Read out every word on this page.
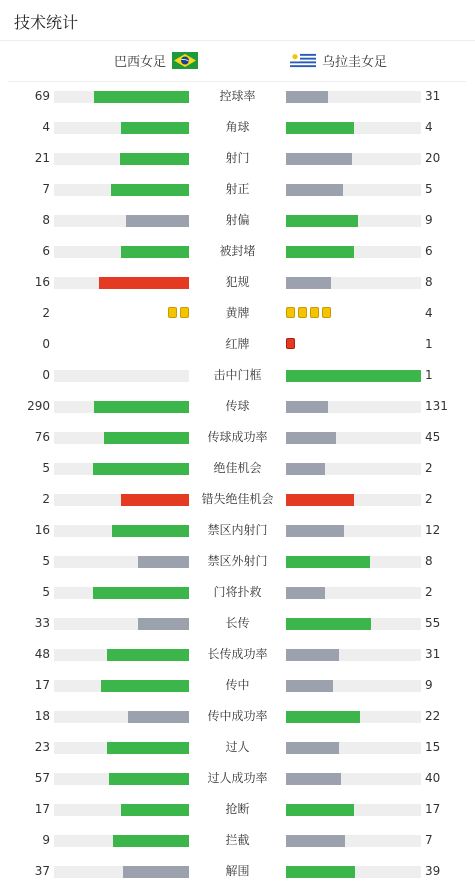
技术统计
巴西女足	乌拉圭女足
69	控球率	31
4	角球	4
21	射门	20
7	射正	5
8	射偏	9
6	被封堵	6
16	犯规	8
2	黄牌	4
0	红牌	1
0	击中门框	1
290	传球	131
76	传球成功率	45
5	绝佳机会	2
2	错失绝佳机会	2
16	禁区内射门	12
5	禁区外射门	8
5	门将扑救	2
33	长传	55
48	长传成功率	31
17	传中	9
18	传中成功率	22
23	过人	15
57	过人成功率	40
17	抢断	17
9	拦截	7
37	解围	39
